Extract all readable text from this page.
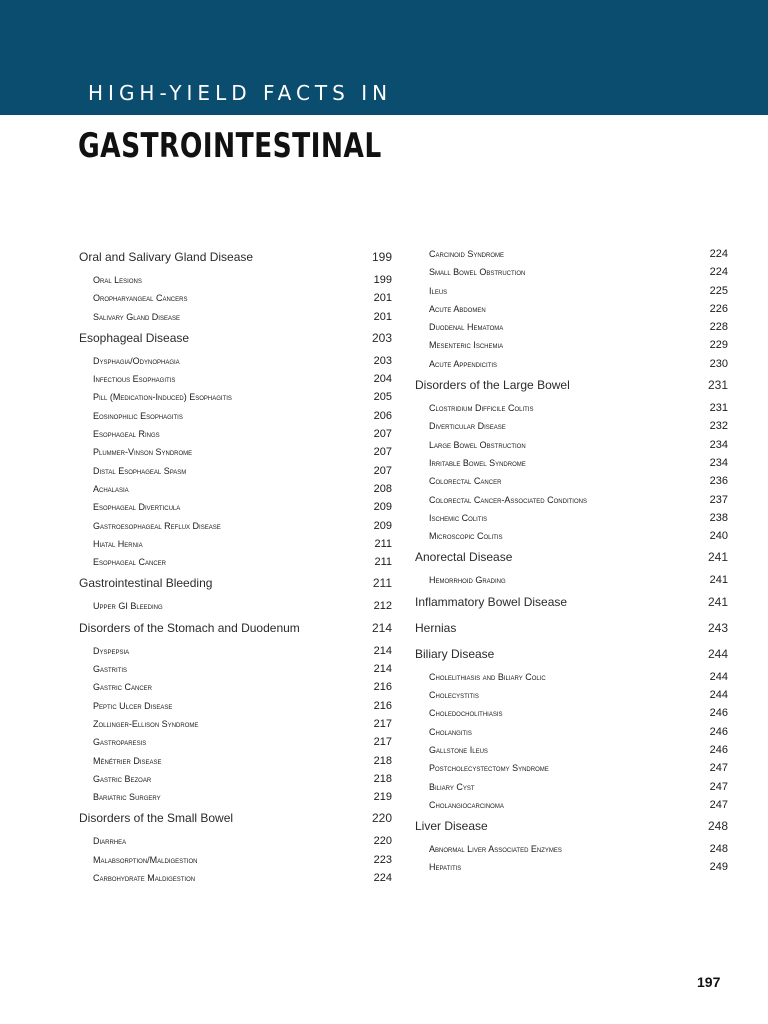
HIGH-YIELD FACTS IN
GASTROINTESTINAL
Oral and Salivary Gland Disease	199
Oral Lesions	199
Oropharyangeal Cancers	201
Salivary Gland Disease	201
Esophageal Disease	203
Dysphagia/Odynophagia	203
Infectious Esophagitis	204
Pill (Medication-Induced) Esophagitis	205
Eosinophilic Esophagitis	206
Esophageal Rings	207
Plummer-Vinson Syndrome	207
Distal Esophageal Spasm	207
Achalasia	208
Esophageal Diverticula	209
Gastroesophageal Reflux Disease	209
Hiatal Hernia	211
Esophageal Cancer	211
Gastrointestinal Bleeding	211
Upper GI Bleeding	212
Disorders of the Stomach and Duodenum	214
Dyspepsia	214
Gastritis	214
Gastric Cancer	216
Peptic Ulcer Disease	216
Zollinger-Ellison Syndrome	217
Gastroparesis	217
Ménétrier Disease	218
Gastric Bezoar	218
Bariatric Surgery	219
Disorders of the Small Bowel	220
Diarrhea	220
Malabsorption/Maldigestion	223
Carbohydrate Maldigestion	224
Carcinoid Syndrome	224
Small Bowel Obstruction	224
Ileus	225
Acute Abdomen	226
Duodenal Hematoma	228
Mesenteric Ischemia	229
Acute Appendicitis	230
Disorders of the Large Bowel	231
Clostridium Difficile Colitis	231
Diverticular Disease	232
Large Bowel Obstruction	234
Irritable Bowel Syndrome	234
Colorectal Cancer	236
Colorectal Cancer-Associated Conditions	237
Ischemic Colitis	238
Microscopic Colitis	240
Anorectal Disease	241
Hemorrhoid Grading	241
Inflammatory Bowel Disease	241
Hernias	243
Biliary Disease	244
Cholelithiasis and Biliary Colic	244
Cholecystitis	244
Choledocholithiasis	246
Cholangitis	246
Gallstone Ileus	246
Postcholecystectomy Syndrome	247
Biliary Cyst	247
Cholangiocarcinoma	247
Liver Disease	248
Abnormal Liver Associated Enzymes	248
Hepatitis	249
197
